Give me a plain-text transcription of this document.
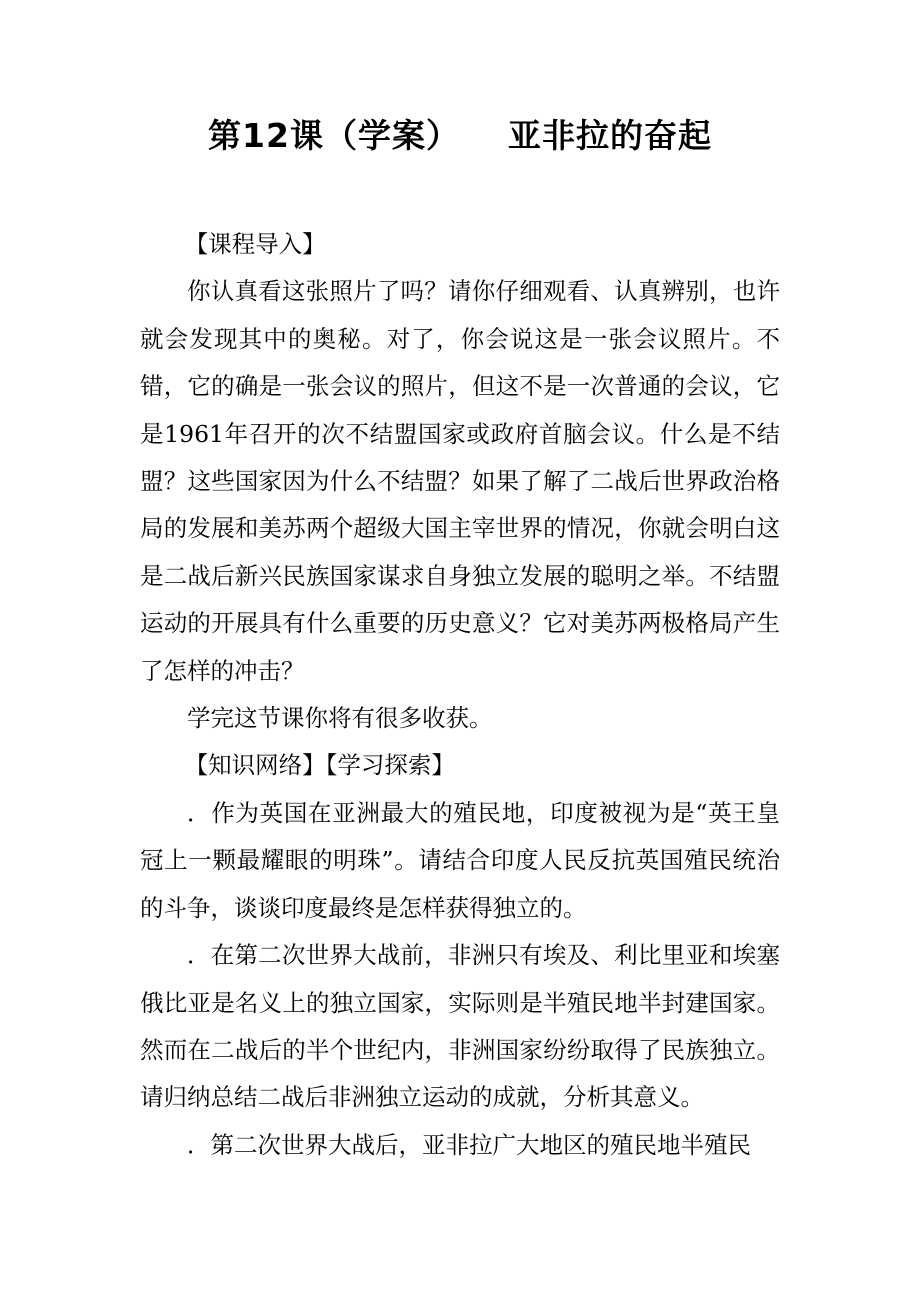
第12课（学案） 亚非拉的奋起

【课程导入】

你认真看这张照片了吗？请你仔细观看、认真辨别，也许就会发现其中的奥秘。对了，你会说这是一张会议照片。不错，它的确是一张会议的照片，但这不是一次普通的会议，它是1961年召开的次不结盟国家或政府首脑会议。什么是不结盟？这些国家因为什么不结盟？如果了解了二战后世界政治格局的发展和美苏两个超级大国主宰世界的情况，你就会明白这是二战后新兴民族国家谋求自身独立发展的聪明之举。不结盟运动的开展具有什么重要的历史意义？它对美苏两极格局产生了怎样的冲击？

学完这节课你将有很多收获。

【知识网络】【学习探索】

．作为英国在亚洲最大的殖民地，印度被视为是“英王皇冠上一颗最耀眼的明珠”。请结合印度人民反抗英国殖民统治的斗争，谈谈印度最终是怎样获得独立的。

．在第二次世界大战前，非洲只有埃及、利比里亚和埃塞俄比亚是名义上的独立国家，实际则是半殖民地半封建国家。然而在二战后的半个世纪内，非洲国家纷纷取得了民族独立。请归纳总结二战后非洲独立运动的成就，分析其意义。

．第二次世界大战后，亚非拉广大地区的殖民地半殖民
